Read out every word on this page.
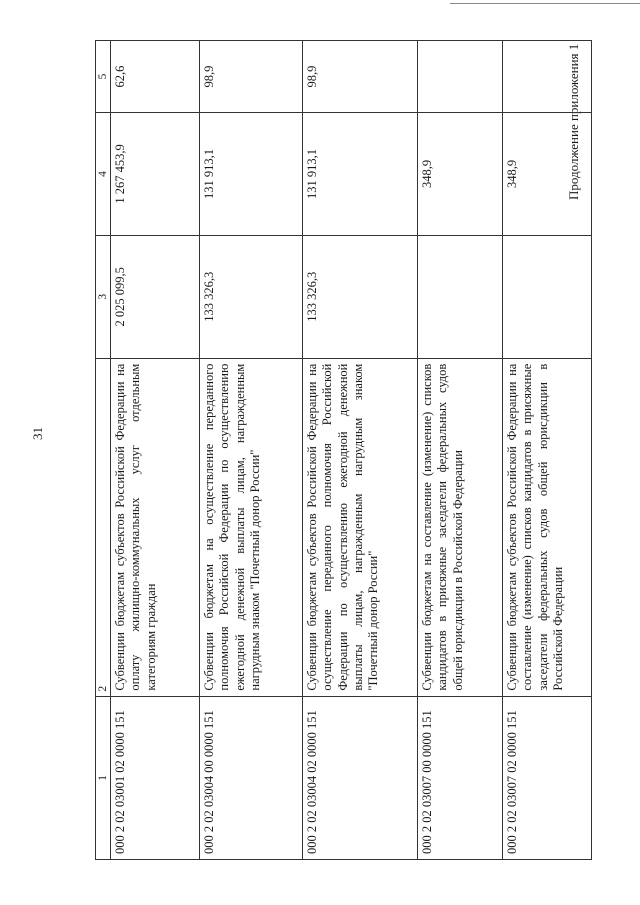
31
Продолжение приложения 1
1	2	3	4	5
000 2 02 03001 02 0000 151	Субвенции бюджетам субъектов Российской Федерации на оплату жилищно-коммунальных услуг отдельным категориям граждан	2 025 099,5	1 267 453,9	62,6
000 2 02 03004 00 0000 151	Субвенции бюджетам на осуществление переданного полномочия Российской Федерации по осуществлению ежегодной денежной выплаты лицам, награжденным нагрудным знаком "Почетный донор России"	133 326,3	131 913,1	98,9
000 2 02 03004 02 0000 151	Субвенции бюджетам субъектов Российской Федерации на осуществление переданного полномочия Российской Федерации по осуществлению ежегодной денежной выплаты лицам, награжденным нагрудным знаком "Почетный донор России"	133 326,3	131 913,1	98,9
000 2 02 03007 00 0000 151	Субвенции бюджетам на составление (изменение) списков кандидатов в присяжные заседатели федеральных судов общей юрисдикции в Российской Федерации		348,9	
000 2 02 03007 02 0000 151	Субвенции бюджетам субъектов Российской Федерации на составление (изменение) списков кандидатов в присяжные заседатели федеральных судов общей юрисдикции в Российской Федерации		348,9	
